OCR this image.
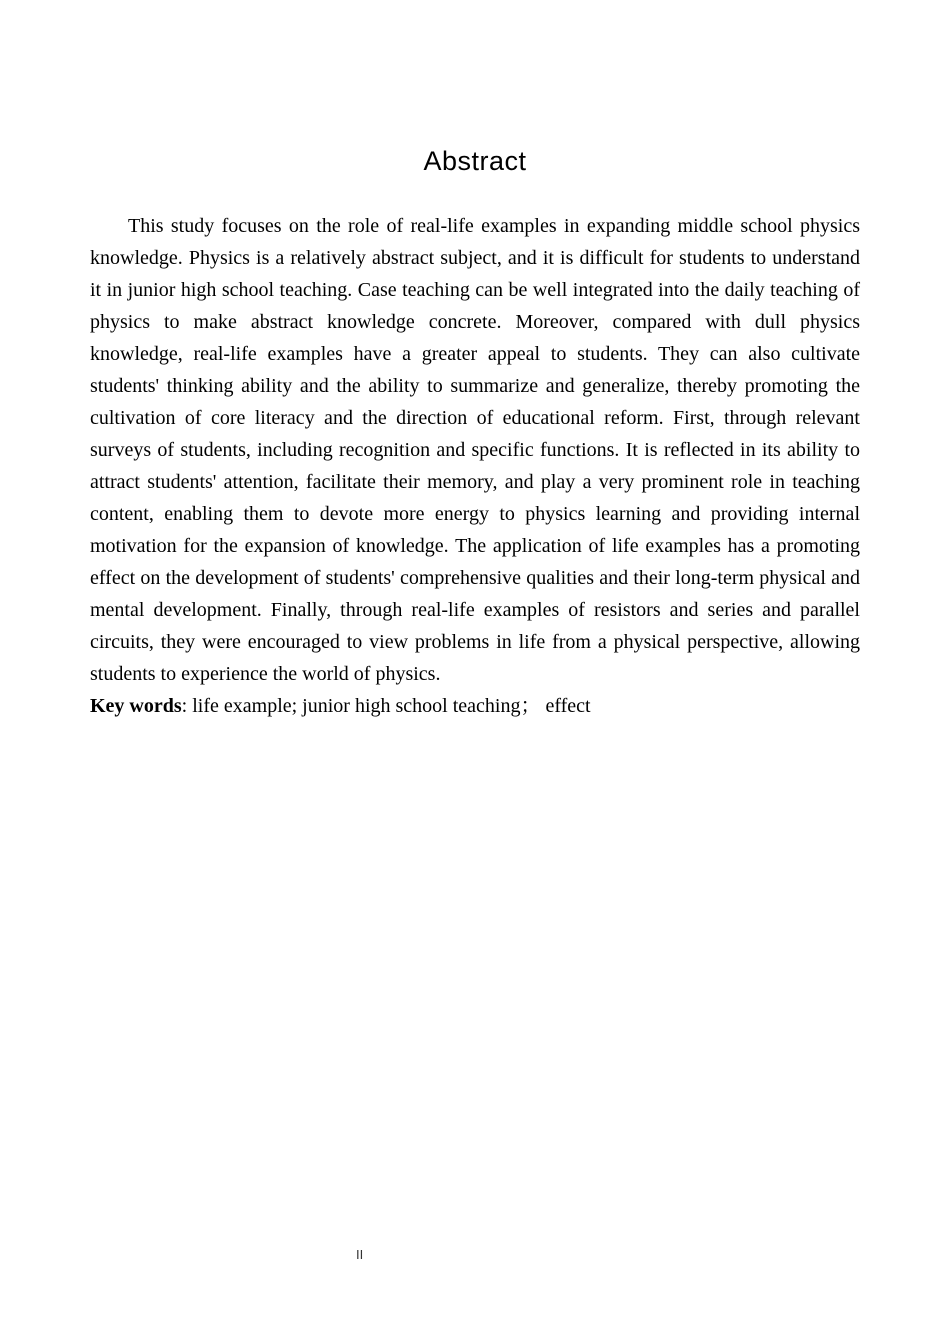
Abstract

This study focuses on the role of real-life examples in expanding middle school physics knowledge. Physics is a relatively abstract subject, and it is difficult for students to understand it in junior high school teaching. Case teaching can be well integrated into the daily teaching of physics to make abstract knowledge concrete. Moreover, compared with dull physics knowledge, real-life examples have a greater appeal to students. They can also cultivate students' thinking ability and the ability to summarize and generalize, thereby promoting the cultivation of core literacy and the direction of educational reform. First, through relevant surveys of students, including recognition and specific functions. It is reflected in its ability to attract students' attention, facilitate their memory, and play a very prominent role in teaching content, enabling them to devote more energy to physics learning and providing internal motivation for the expansion of knowledge. The application of life examples has a promoting effect on the development of students' comprehensive qualities and their long-term physical and mental development. Finally, through real-life examples of resistors and series and parallel circuits, they were encouraged to view problems in life from a physical perspective, allowing students to experience the world of physics.

Key words: life example; junior high school teaching； effect

II
